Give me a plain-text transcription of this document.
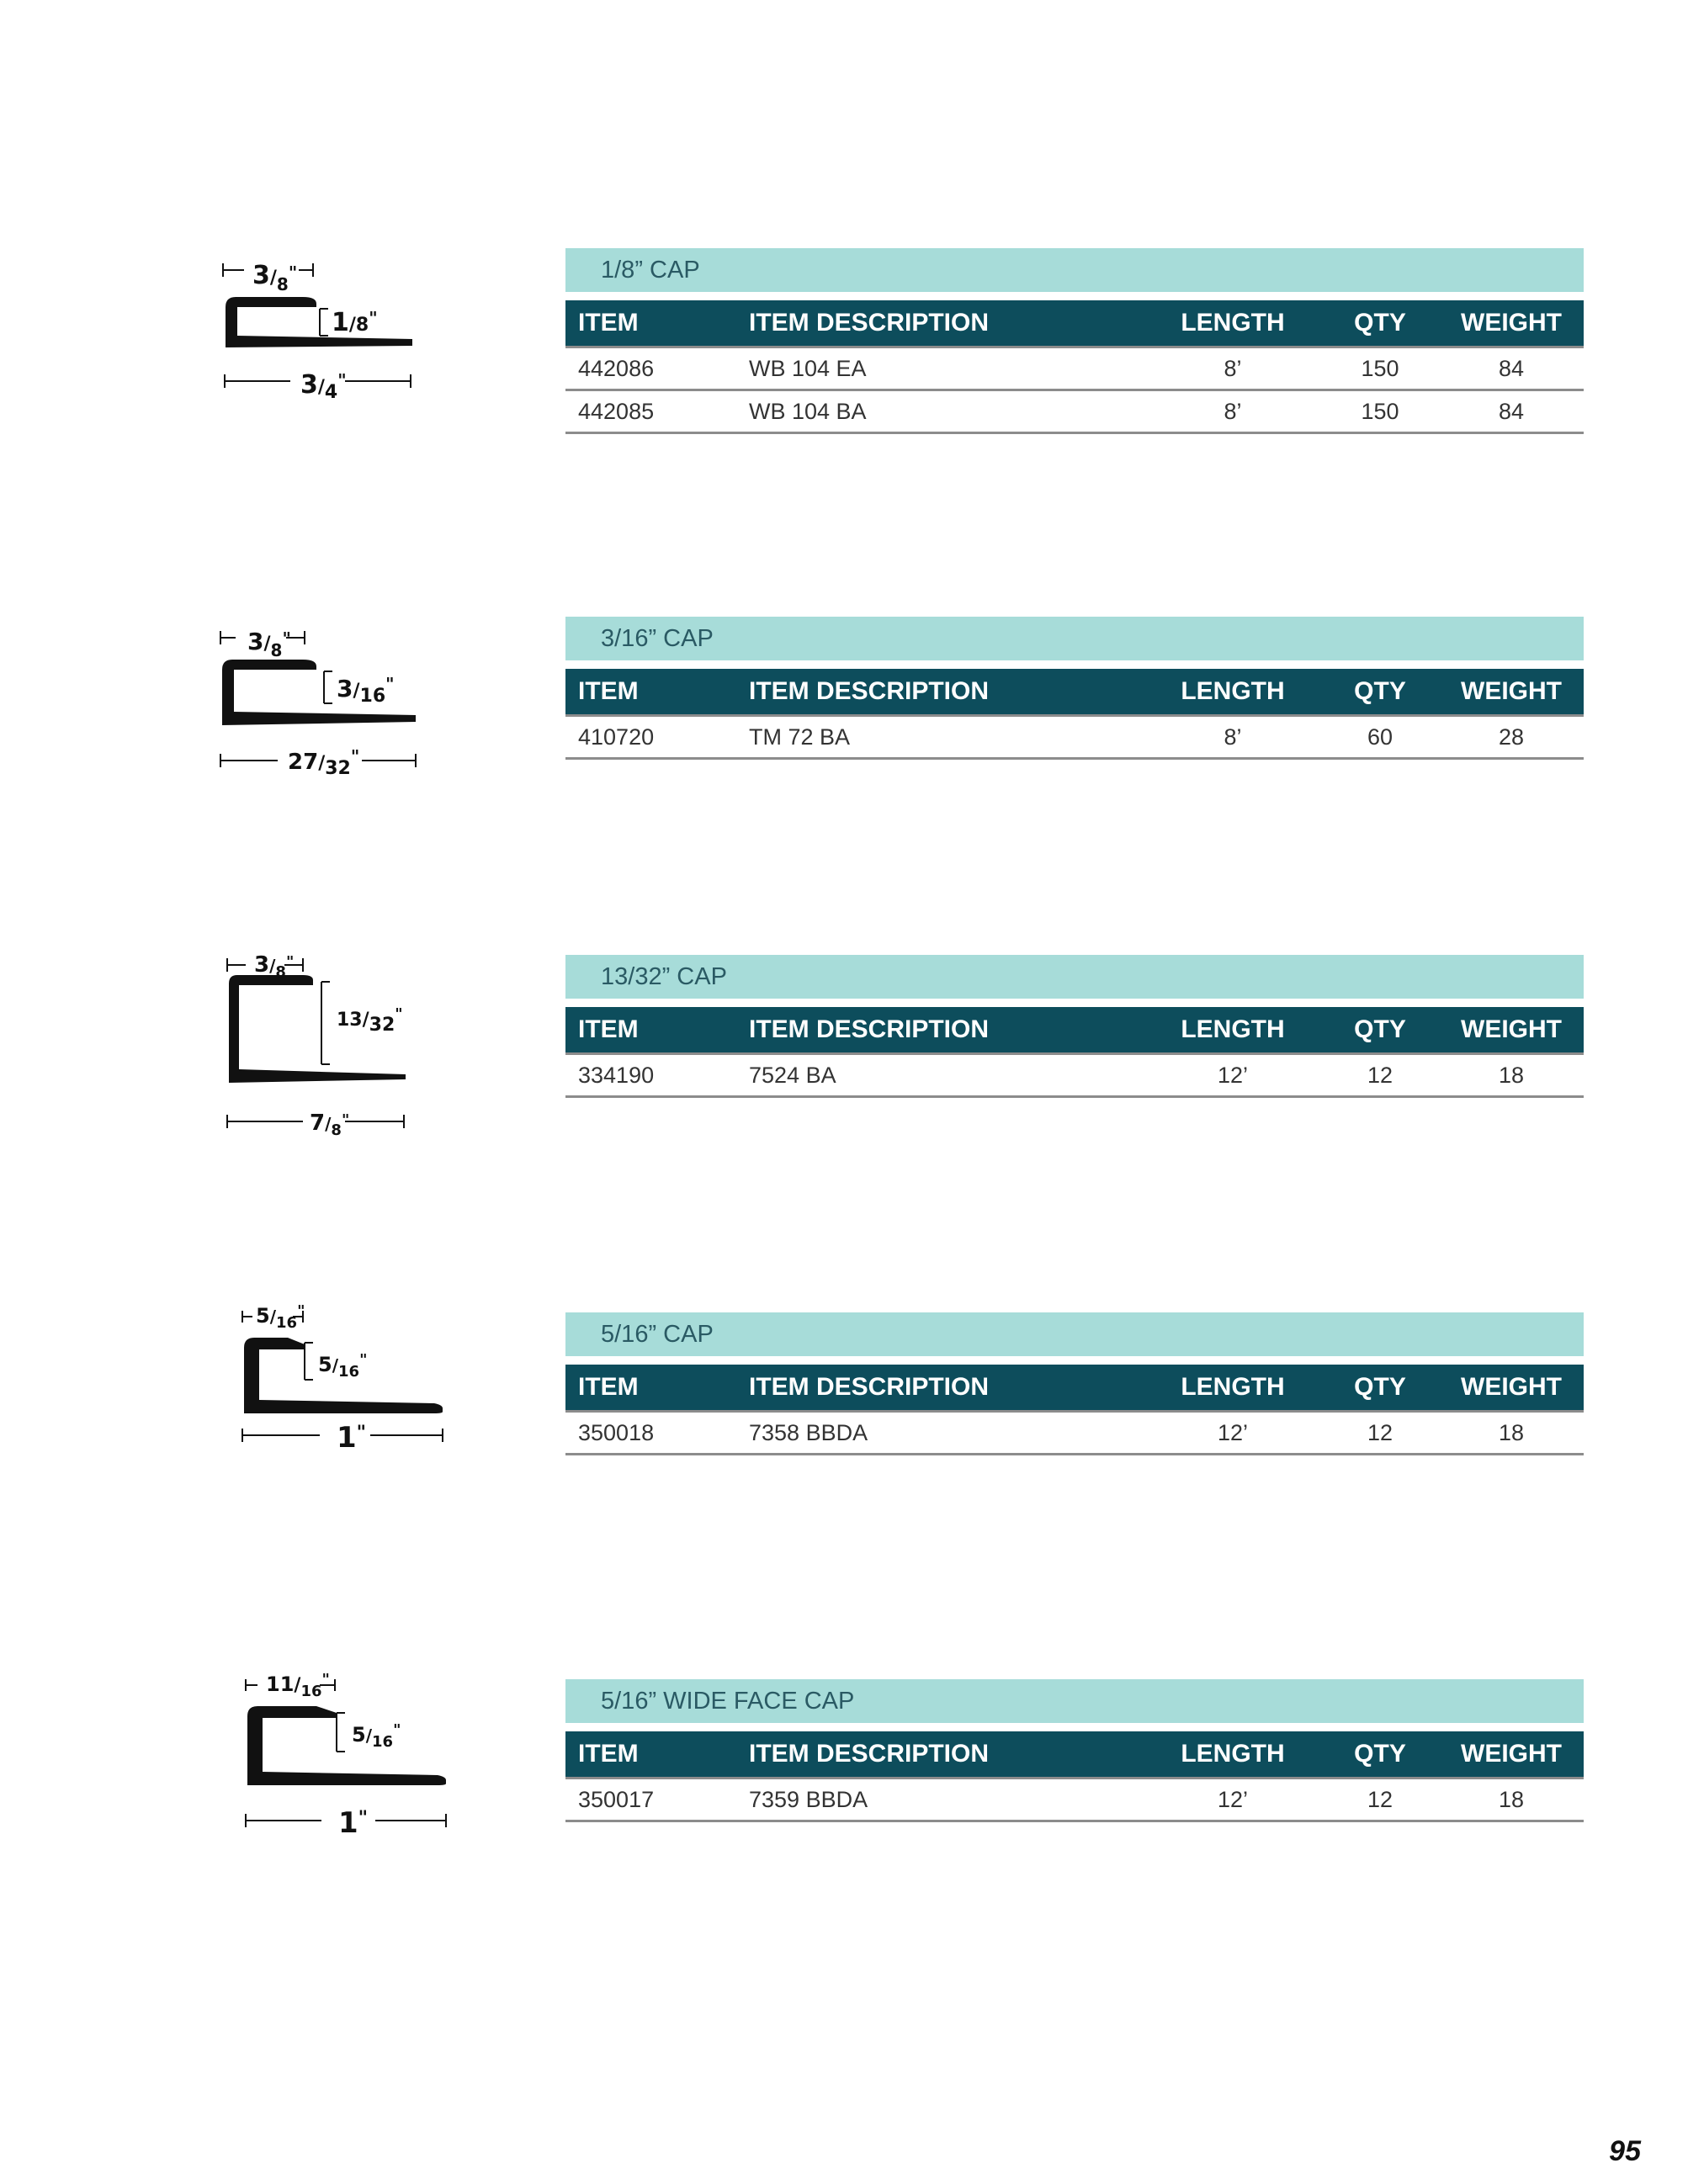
$3/_8^"$
1/8"
$3/_4^"$
1/8” CAP
ITEM	ITEM DESCRIPTION	LENGTH	QTY	WEIGHT
442086	WB 104 EA	8’	150	84
442085	WB 104 BA	8’	150	84
$3/_8^"$
$3/_{16}^"$
$27/_{32}^"$
3/16” CAP
ITEM	ITEM DESCRIPTION	LENGTH	QTY	WEIGHT
410720	TM 72 BA	8’	60	28
$3/_8^"$
13/32"
$7/_8^"$
13/32” CAP
ITEM	ITEM DESCRIPTION	LENGTH	QTY	WEIGHT
334190	7524 BA	12’	12	18
$5/_{16}^"$
$5/_{16}^"$
1"
5/16” CAP
ITEM	ITEM DESCRIPTION	LENGTH	QTY	WEIGHT
350018	7358 BBDA	12’	12	18
$11/_{16}^"$
$5/_{16}^"$
1"
5/16” WIDE FACE CAP
ITEM	ITEM DESCRIPTION	LENGTH	QTY	WEIGHT
350017	7359 BBDA	12’	12	18
95
